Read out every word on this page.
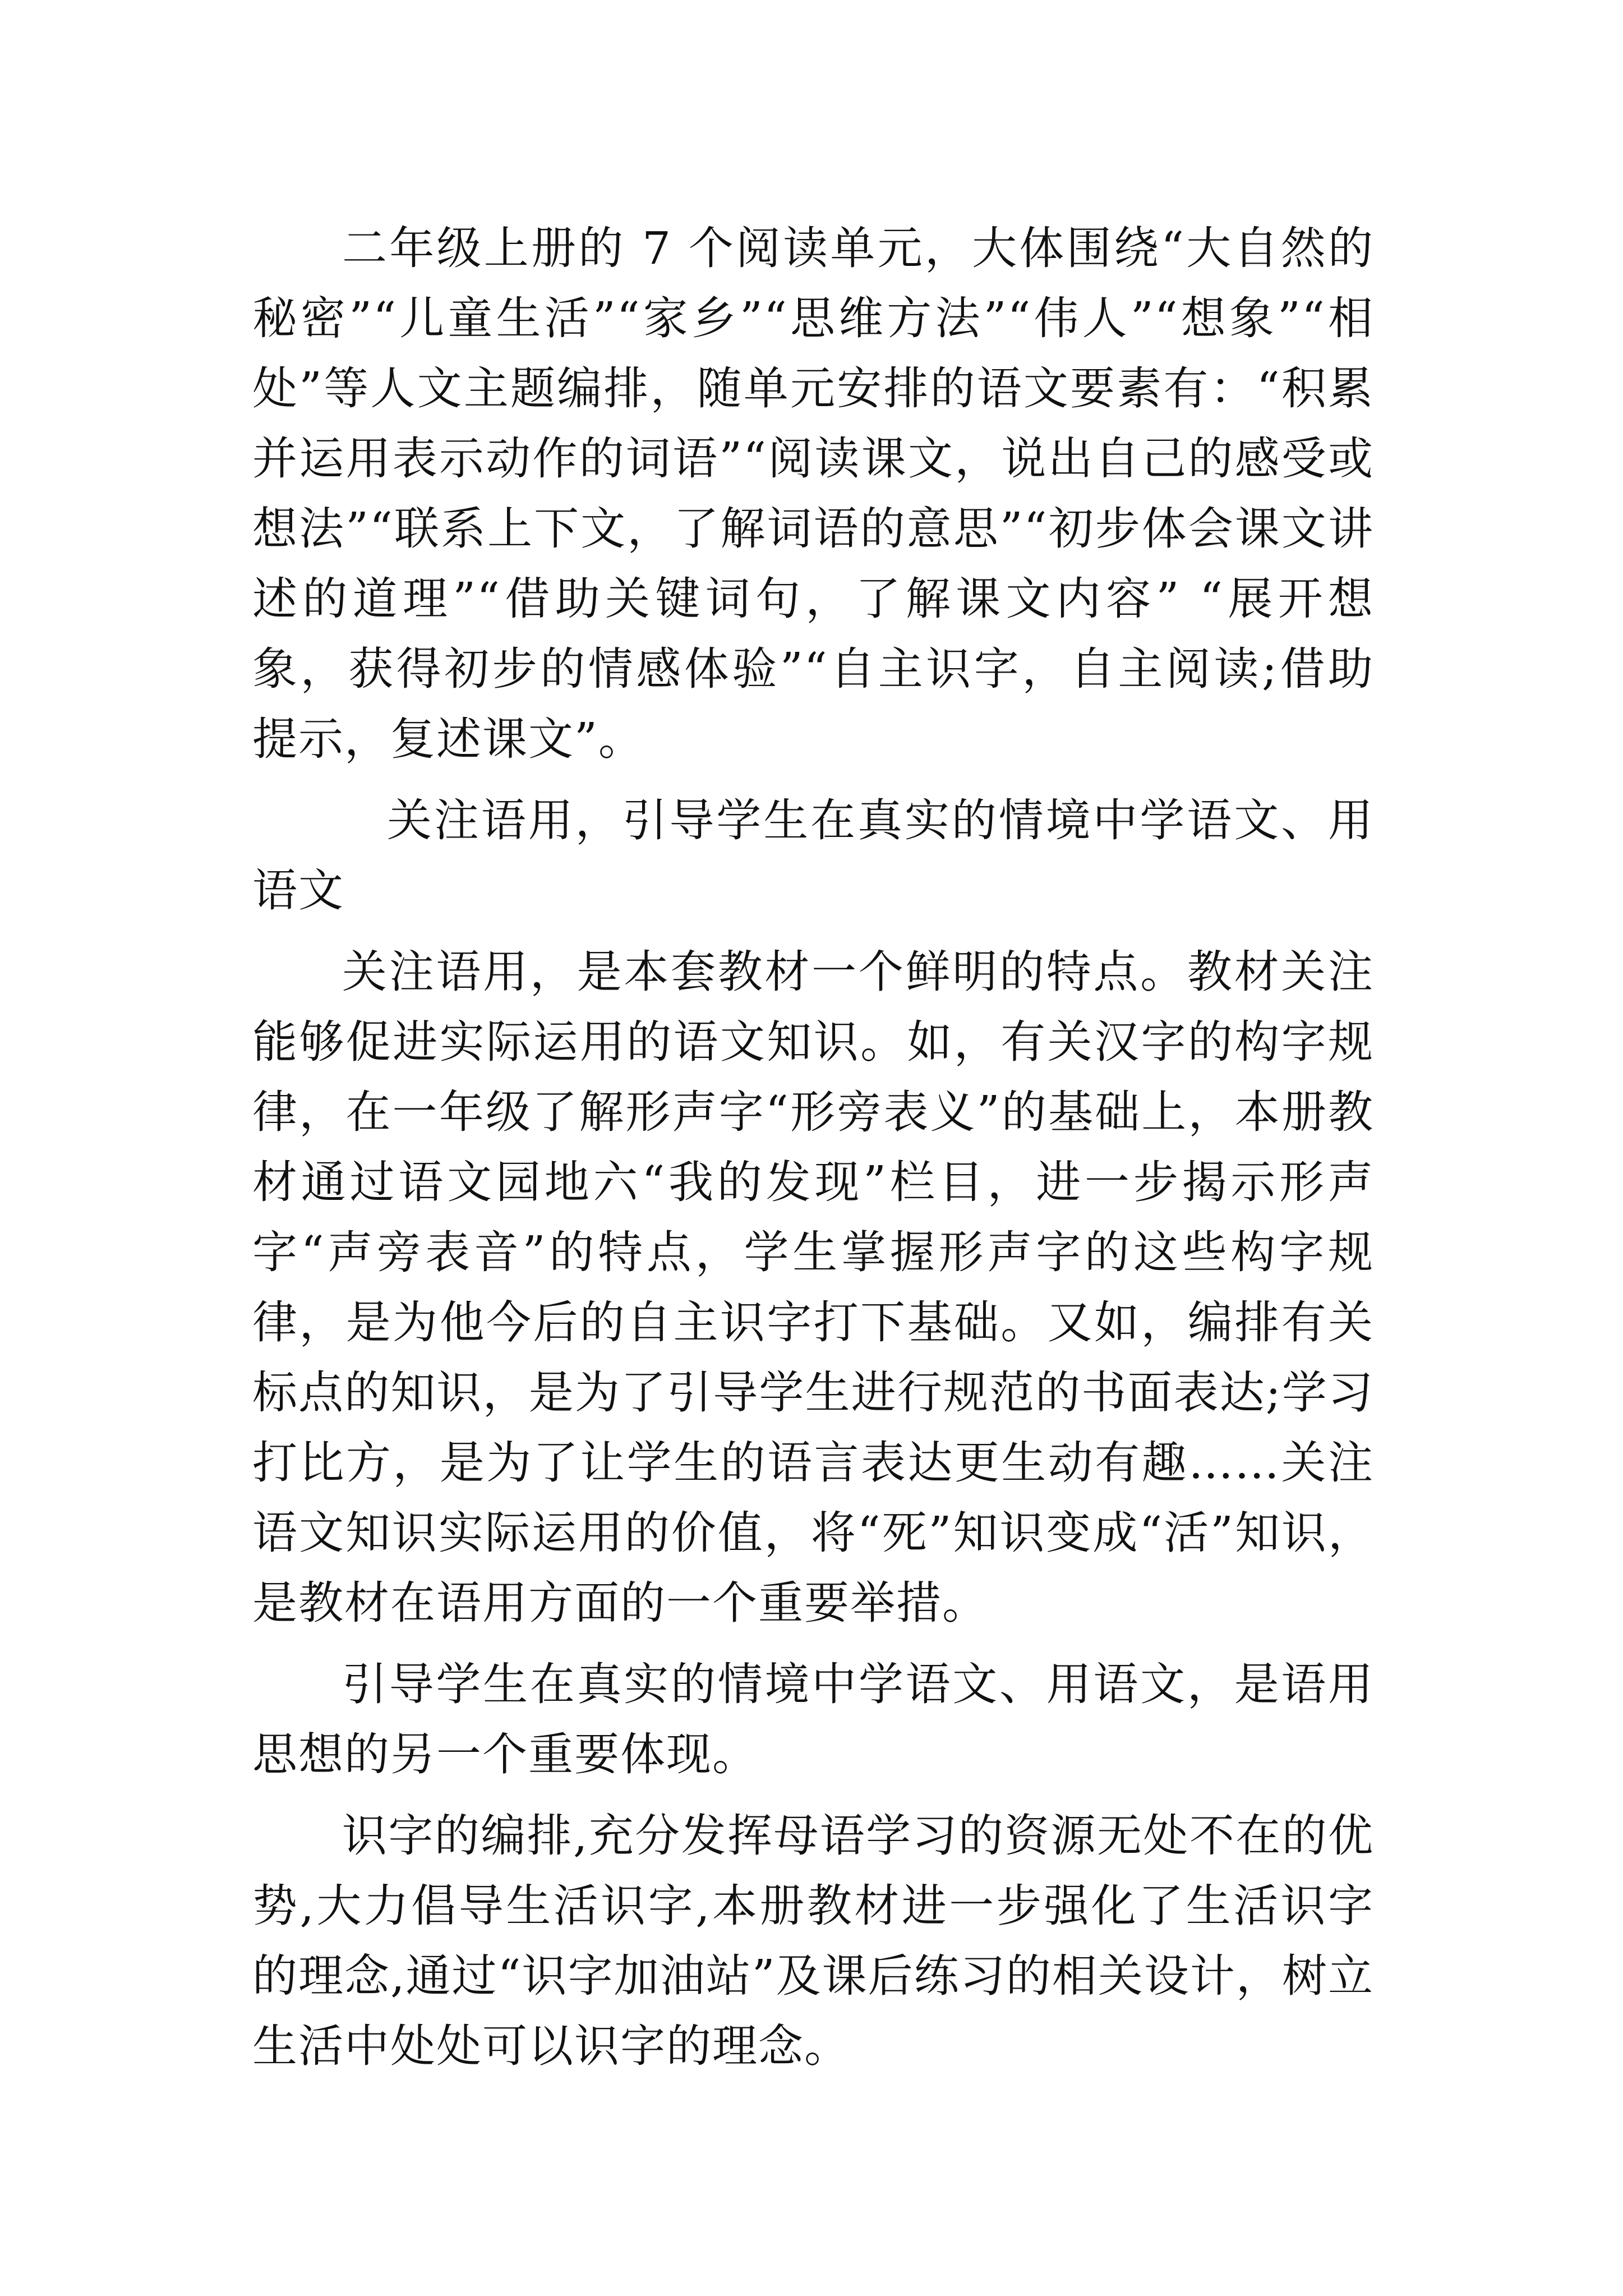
二年级上册的 7 个阅读单元，大体围绕“大自然的秘密”“儿童生活”“家乡”“思维方法”“伟人”“想象”“相处”等人文主题编排，随单元安排的语文要素有：“积累并运用表示动作的词语”“阅读课文，说出自己的感受或想法”“联系上下文，了解词语的意思”“初步体会课文讲述的道理”“借助关键词句，了解课文内容” “展开想象，获得初步的情感体验”“自主识字，自主阅读;借助提示，复述课文”。

关注语用，引导学生在真实的情境中学语文、用语文

关注语用，是本套教材一个鲜明的特点。教材关注能够促进实际运用的语文知识。如，有关汉字的构字规律，在一年级了解形声字“形旁表义”的基础上，本册教材通过语文园地六“我的发现”栏目，进一步揭示形声字“声旁表音”的特点，学生掌握形声字的这些构字规律，是为他今后的自主识字打下基础。又如，编排有关标点的知识，是为了引导学生进行规范的书面表达;学习打比方，是为了让学生的语言表达更生动有趣……关注语文知识实际运用的价值，将“死”知识变成“活”知识，是教材在语用方面的一个重要举措。

引导学生在真实的情境中学语文、用语文，是语用思想的另一个重要体现。

识字的编排,充分发挥母语学习的资源无处不在的优势,大力倡导生活识字,本册教材进一步强化了生活识字的理念,通过“识字加油站”及课后练习的相关设计，树立生活中处处可以识字的理念。
